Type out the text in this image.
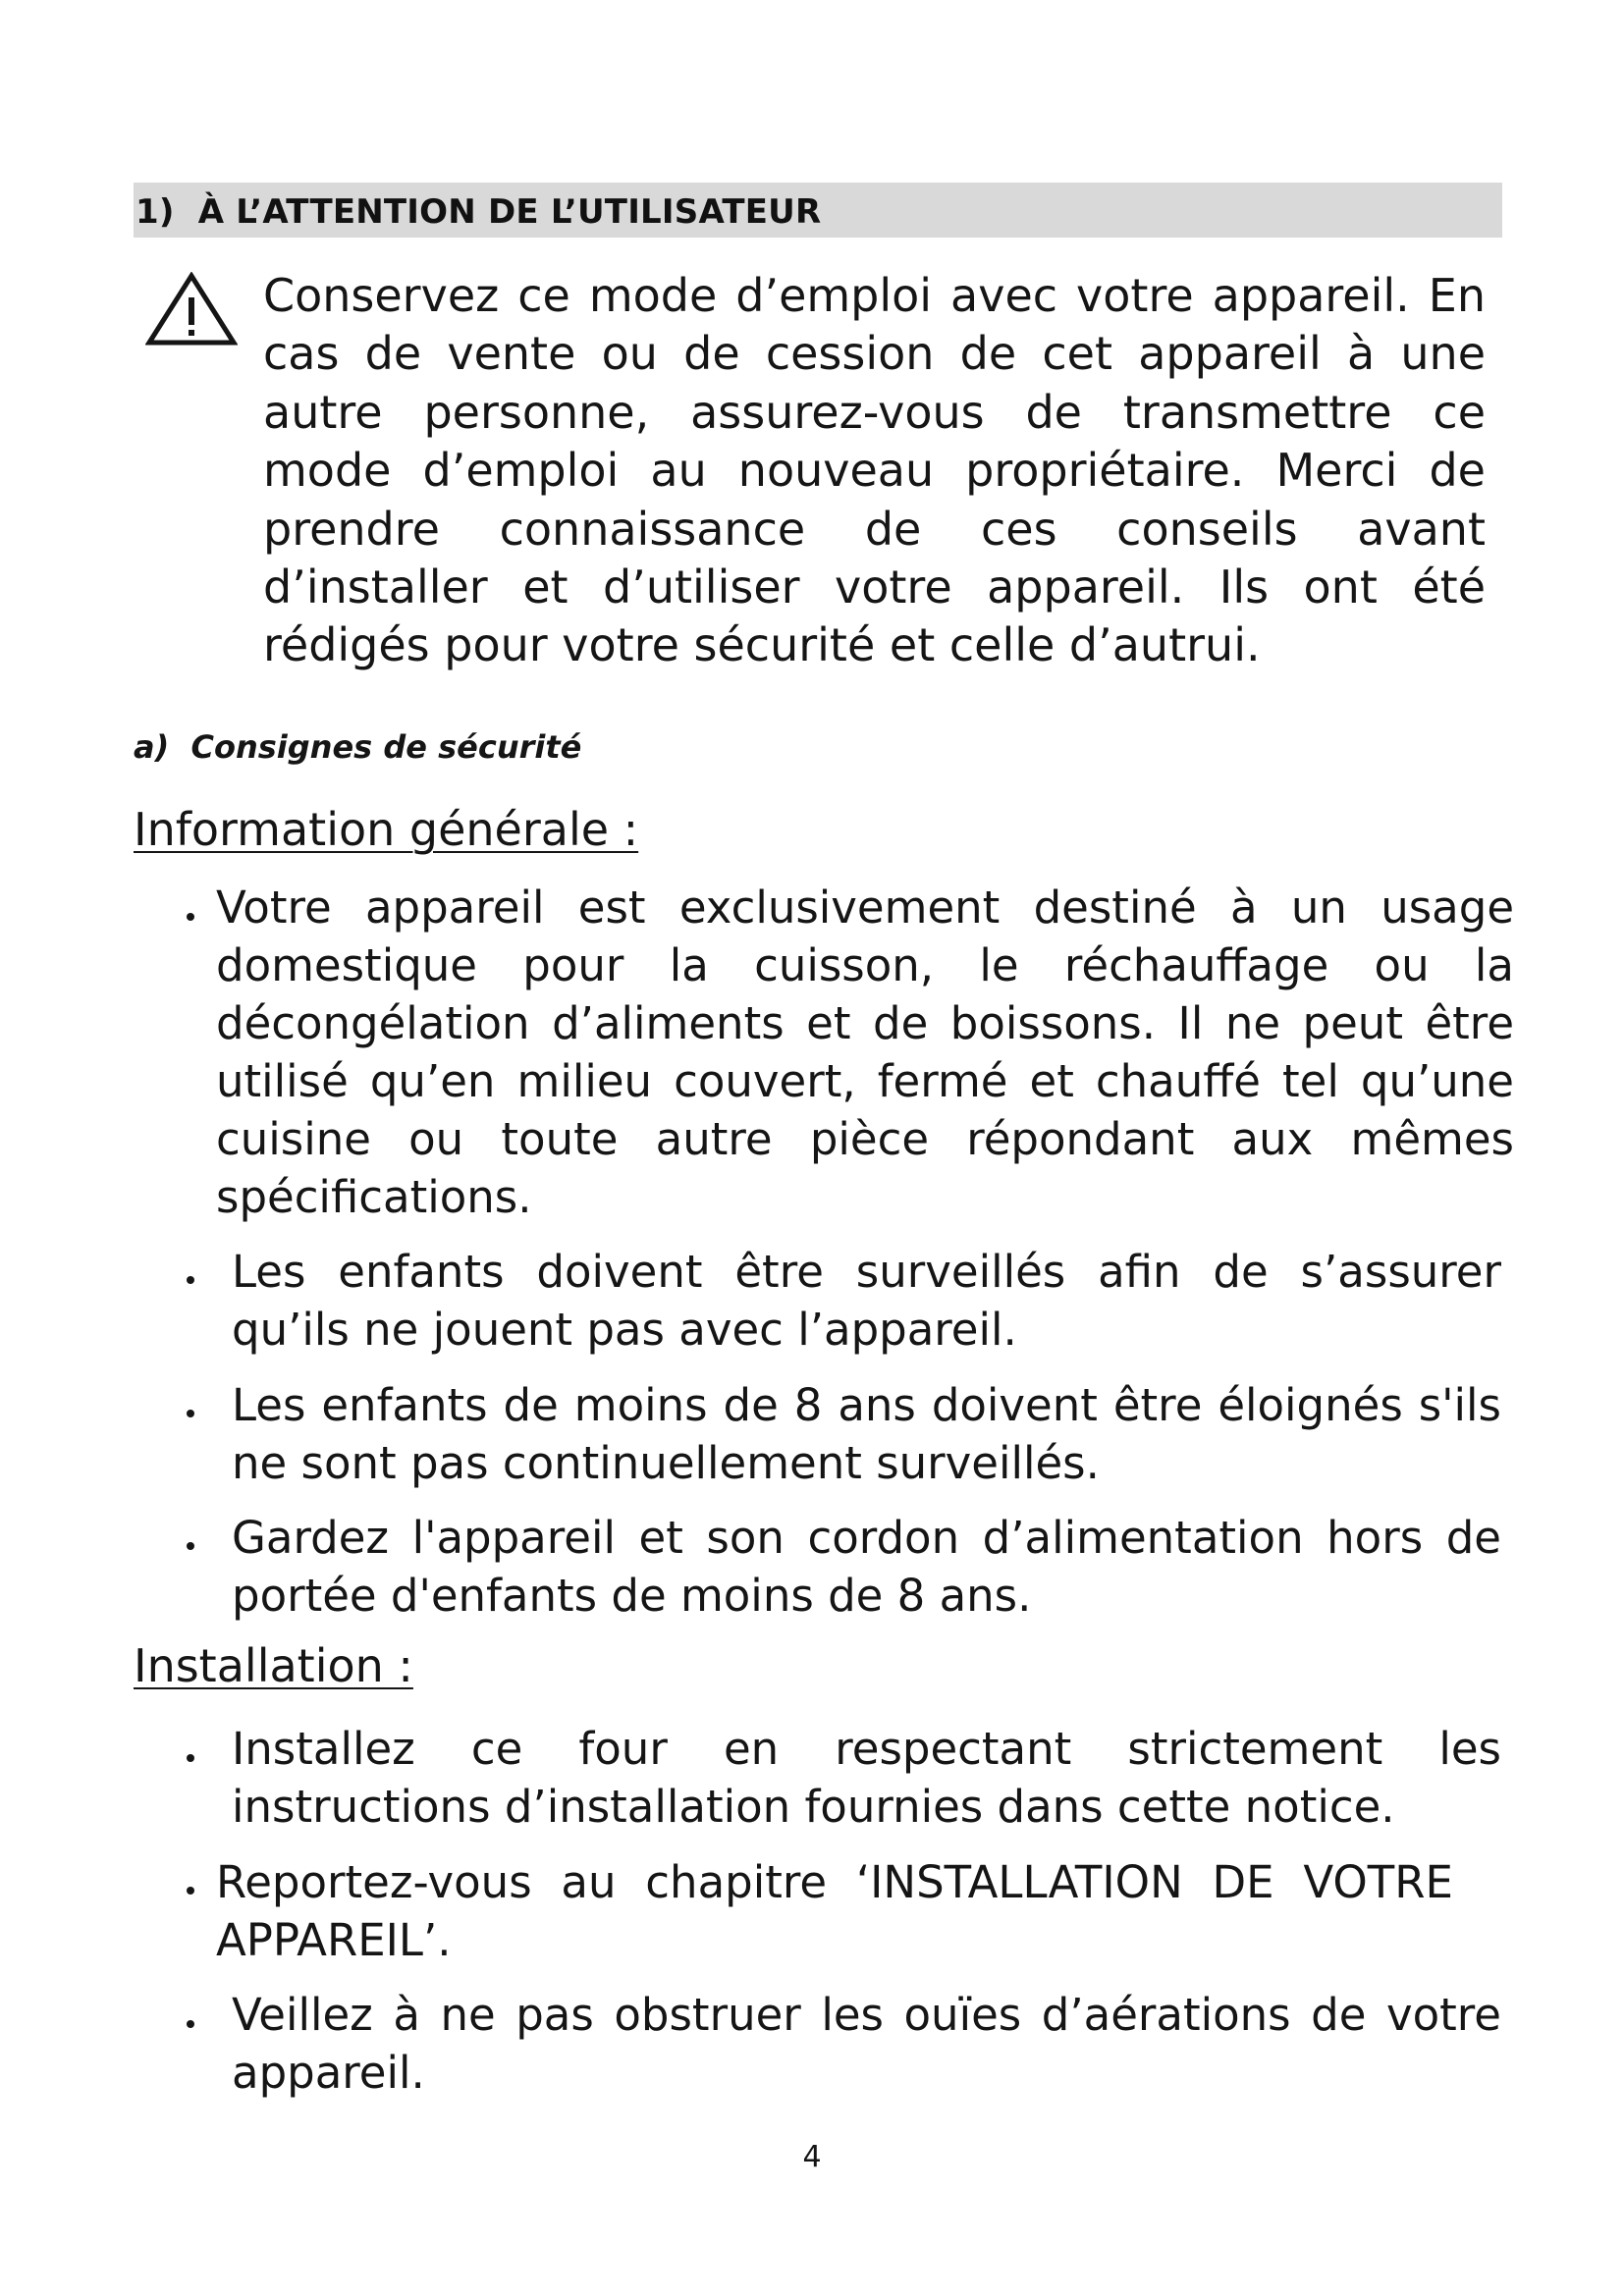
1) À L’ATTENTION DE L’UTILISATEUR
Conservez ce mode d’emploi avec votre appareil. En cas de vente ou de cession de cet appareil à une autre personne, assurez-vous de transmettre ce mode d’emploi au nouveau propriétaire. Merci de prendre connaissance de ces conseils avant d’installer et d’utiliser votre appareil. Ils ont été rédigés pour votre sécurité et celle d’autrui.
a) Consignes de sécurité
Information générale :
Votre appareil est exclusivement destiné à un usage domestique pour la cuisson, le réchauffage ou la décongélation d’aliments et de boissons. Il ne peut être utilisé qu’en milieu couvert, fermé et chauffé tel qu’une cuisine ou toute autre pièce répondant aux mêmes spécifications.
Les enfants doivent être surveillés afin de s’assurer qu’ils ne jouent pas avec l’appareil.
Les enfants de moins de 8 ans doivent être éloignés s'ils ne sont pas continuellement surveillés.
Gardez l'appareil et son cordon d’alimentation hors de portée d'enfants de moins de 8 ans.
Installation :
Installez ce four en respectant strictement les instructions d’installation fournies dans cette notice.
Reportez-vous au chapitre ‘INSTALLATION DE VOTRE APPAREIL’.
Veillez à ne pas obstruer les ouïes d’aérations de votre appareil.
4
